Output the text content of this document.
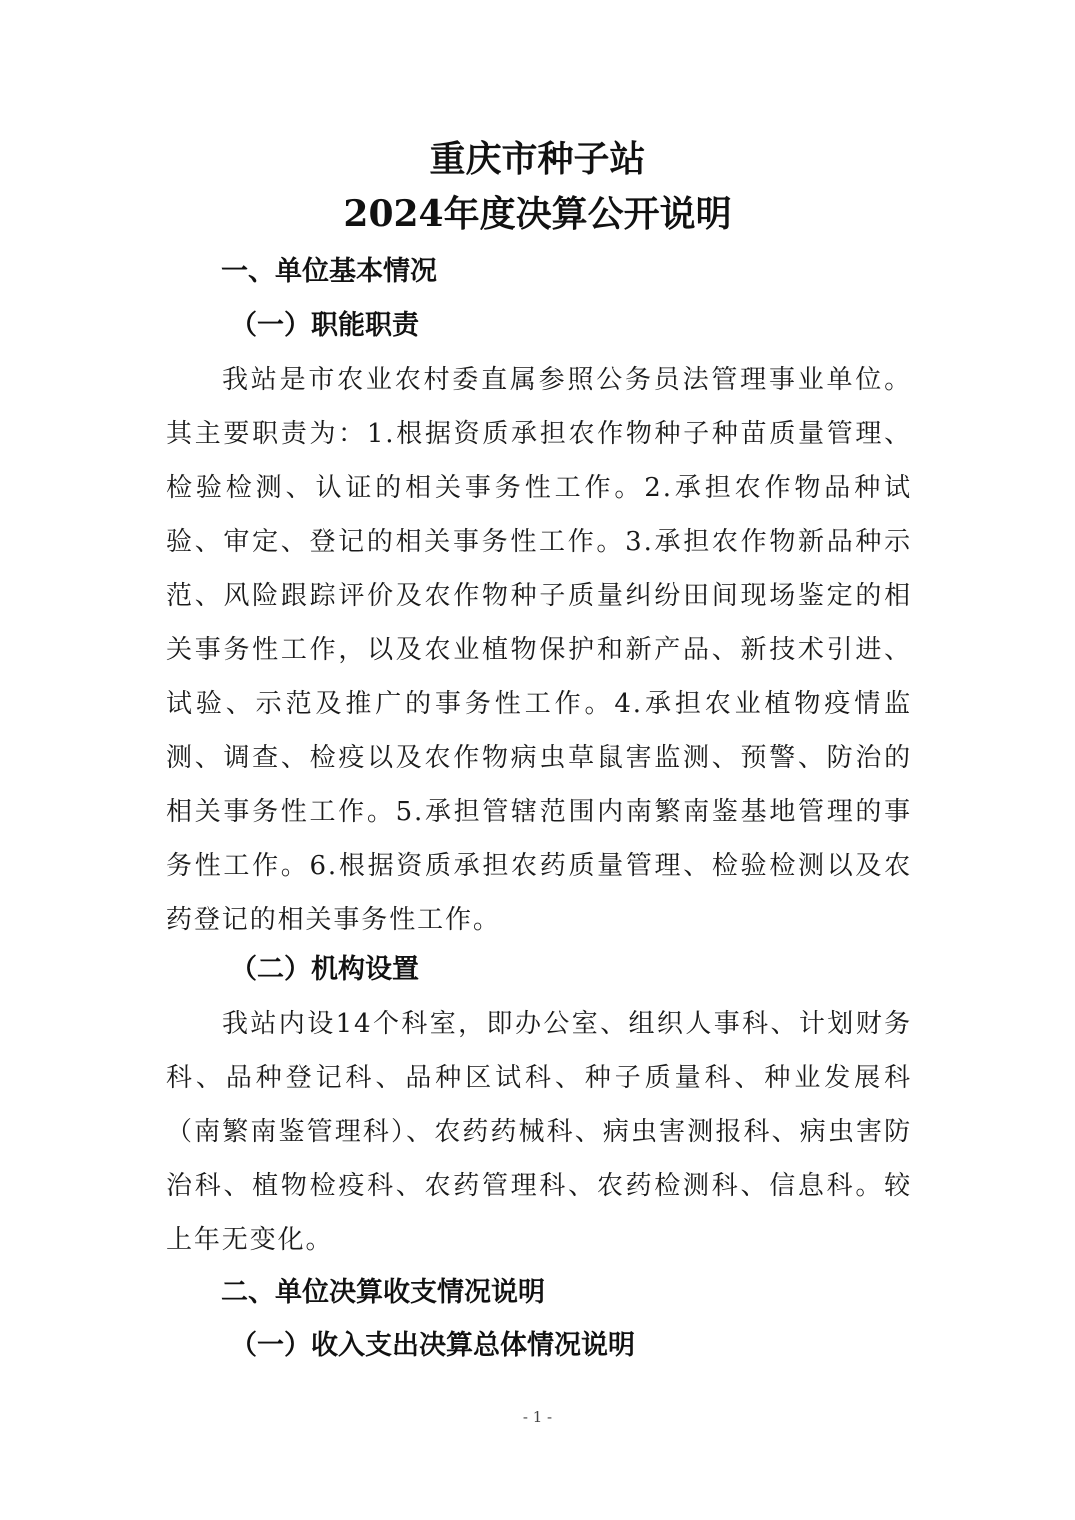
重庆市种子站
2024年度决算公开说明
一、单位基本情况
（一）职能职责

我站是市农业农村委直属参照公务员法管理事业单位。其主要职责为：1.根据资质承担农作物种子种苗质量管理、检验检测、认证的相关事务性工作。2.承担农作物品种试验、审定、登记的相关事务性工作。3.承担农作物新品种示范、风险跟踪评价及农作物种子质量纠纷田间现场鉴定的相关事务性工作，以及农业植物保护和新产品、新技术引进、试验、示范及推广的事务性工作。4.承担农业植物疫情监测、调查、检疫以及农作物病虫草鼠害监测、预警、防治的相关事务性工作。5.承担管辖范围内南繁南鉴基地管理的事务性工作。6.根据资质承担农药质量管理、检验检测以及农药登记的相关事务性工作。

（二）机构设置

我站内设14个科室，即办公室、组织人事科、计划财务科、品种登记科、品种区试科、种子质量科、种业发展科（南繁南鉴管理科）、农药药械科、病虫害测报科、病虫害防治科、植物检疫科、农药管理科、农药检测科、信息科。较上年无变化。

二、单位决算收支情况说明
（一）收入支出决算总体情况说明
- 1 -
